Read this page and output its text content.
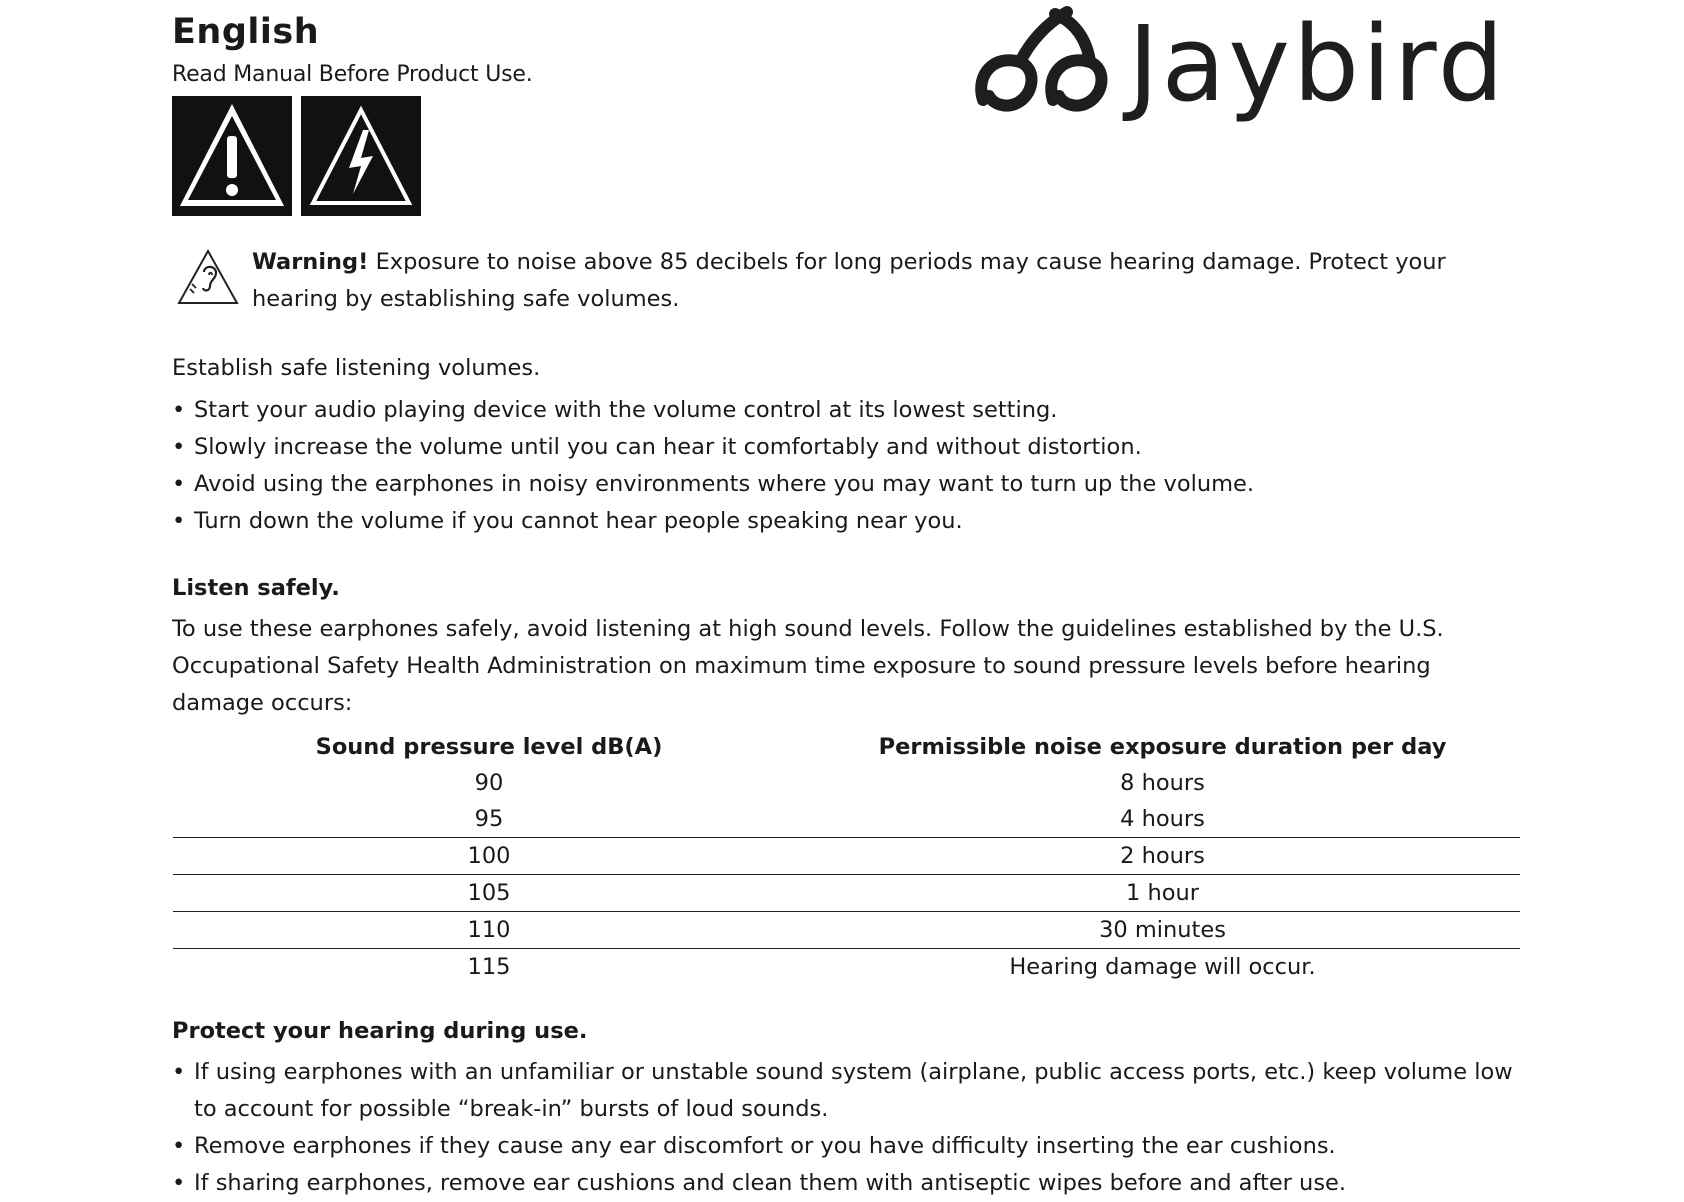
English
Read Manual Before Product Use.	Jaybird
Warning! Exposure to noise above 85 decibels for long periods may cause hearing damage. Protect your hearing by establishing safe volumes.
Establish safe listening volumes.
• Start your audio playing device with the volume control at its lowest setting.
• Slowly increase the volume until you can hear it comfortably and without distortion.
• Avoid using the earphones in noisy environments where you may want to turn up the volume.
• Turn down the volume if you cannot hear people speaking near you.
Listen safely.
To use these earphones safely, avoid listening at high sound levels. Follow the guidelines established by the U.S. Occupational Safety Health Administration on maximum time exposure to sound pressure levels before hearing damage occurs:
Sound pressure level dB(A)	Permissible noise exposure duration per day
90	8 hours
95	4 hours
100	2 hours
105	1 hour
110	30 minutes
115	Hearing damage will occur.
Protect your hearing during use.
• If using earphones with an unfamiliar or unstable sound system (airplane, public access ports, etc.) keep volume low to account for possible “break-in” bursts of loud sounds.
• Remove earphones if they cause any ear discomfort or you have difficulty inserting the ear cushions.
• If sharing earphones, remove ear cushions and clean them with antiseptic wipes before and after use.
